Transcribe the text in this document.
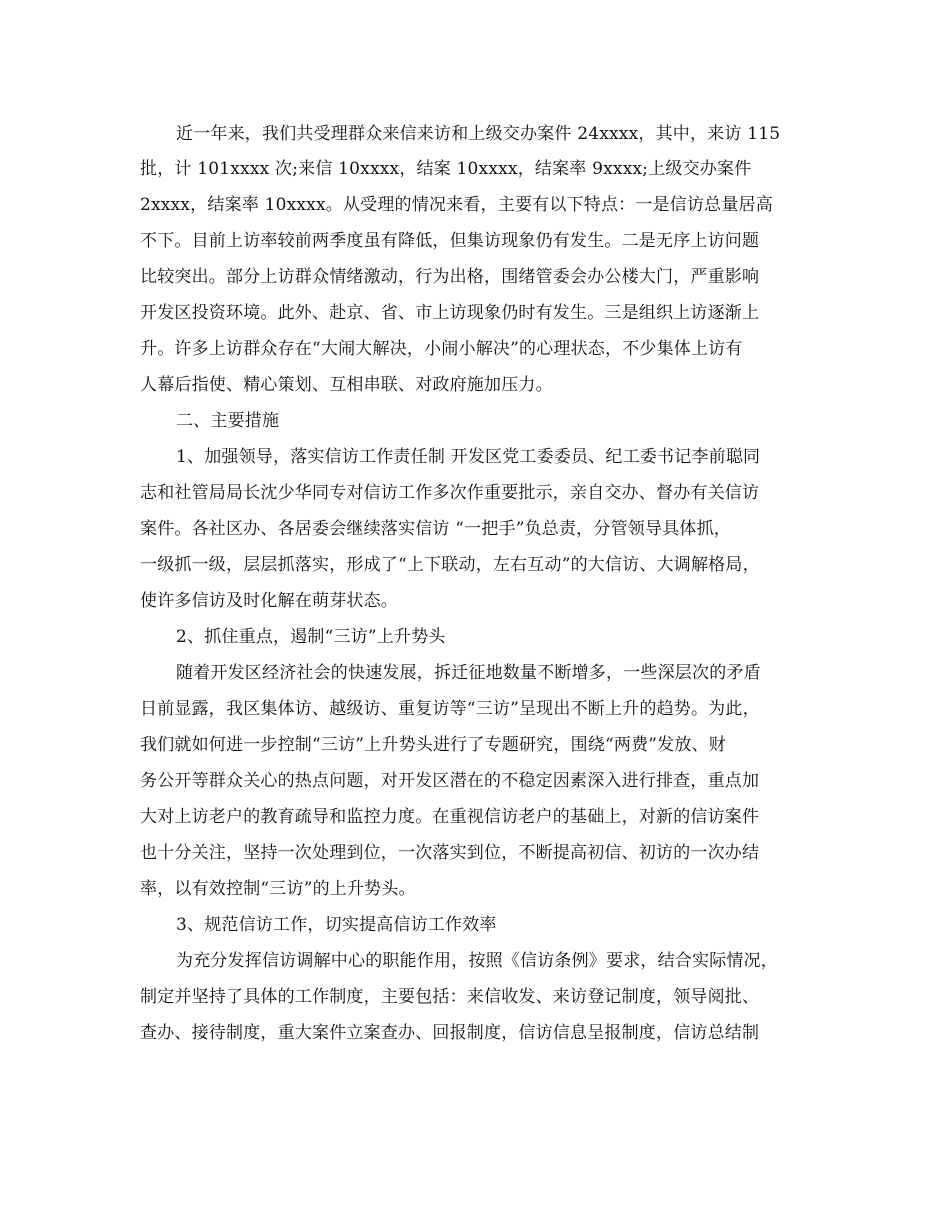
近一年来，我们共受理群众来信来访和上级交办案件 24xxxx，其中，来访 115
批，计 101xxxx 次;来信 10xxxx，结案 10xxxx，结案率 9xxxx;上级交办案件
2xxxx，结案率 10xxxx。从受理的情况来看，主要有以下特点：一是信访总量居高
不下。目前上访率较前两季度虽有降低，但集访现象仍有发生。二是无序上访问题
比较突出。部分上访群众情绪激动，行为出格，围绪管委会办公楼大门，严重影响
开发区投资环境。此外、赴京、省、市上访现象仍时有发生。三是组织上访逐渐上
升。许多上访群众存在“大闹大解决，小闹小解决”的心理状态，不少集体上访有
人幕后指使、精心策划、互相串联、对政府施加压力。
二、主要措施
1、加强领导，落实信访工作责任制 开发区党工委委员、纪工委书记李前聪同
志和社管局局长沈少华同专对信访工作多次作重要批示，亲自交办、督办有关信访
案件。各社区办、各居委会继续落实信访 “一把手”负总责，分管领导具体抓，
一级抓一级，层层抓落实，形成了“上下联动，左右互动”的大信访、大调解格局，
使许多信访及时化解在萌芽状态。
2、抓住重点，遏制“三访”上升势头
随着开发区经济社会的快速发展，拆迁征地数量不断增多，一些深层次的矛盾
日前显露，我区集体访、越级访、重复访等“三访”呈现出不断上升的趋势。为此，
我们就如何进一步控制“三访”上升势头进行了专题研究，围绕“两费”发放、财
务公开等群众关心的热点问题，对开发区潜在的不稳定因素深入进行排查，重点加
大对上访老户的教育疏导和监控力度。在重视信访老户的基础上，对新的信访案件
也十分关注，坚持一次处理到位，一次落实到位，不断提高初信、初访的一次办结
率，以有效控制“三访”的上升势头。
3、规范信访工作，切实提高信访工作效率
为充分发挥信访调解中心的职能作用，按照《信访条例》要求，结合实际情况，
制定并坚持了具体的工作制度，主要包括：来信收发、来访登记制度，领导阅批、
查办、接待制度，重大案件立案查办、回报制度，信访信息呈报制度，信访总结制
